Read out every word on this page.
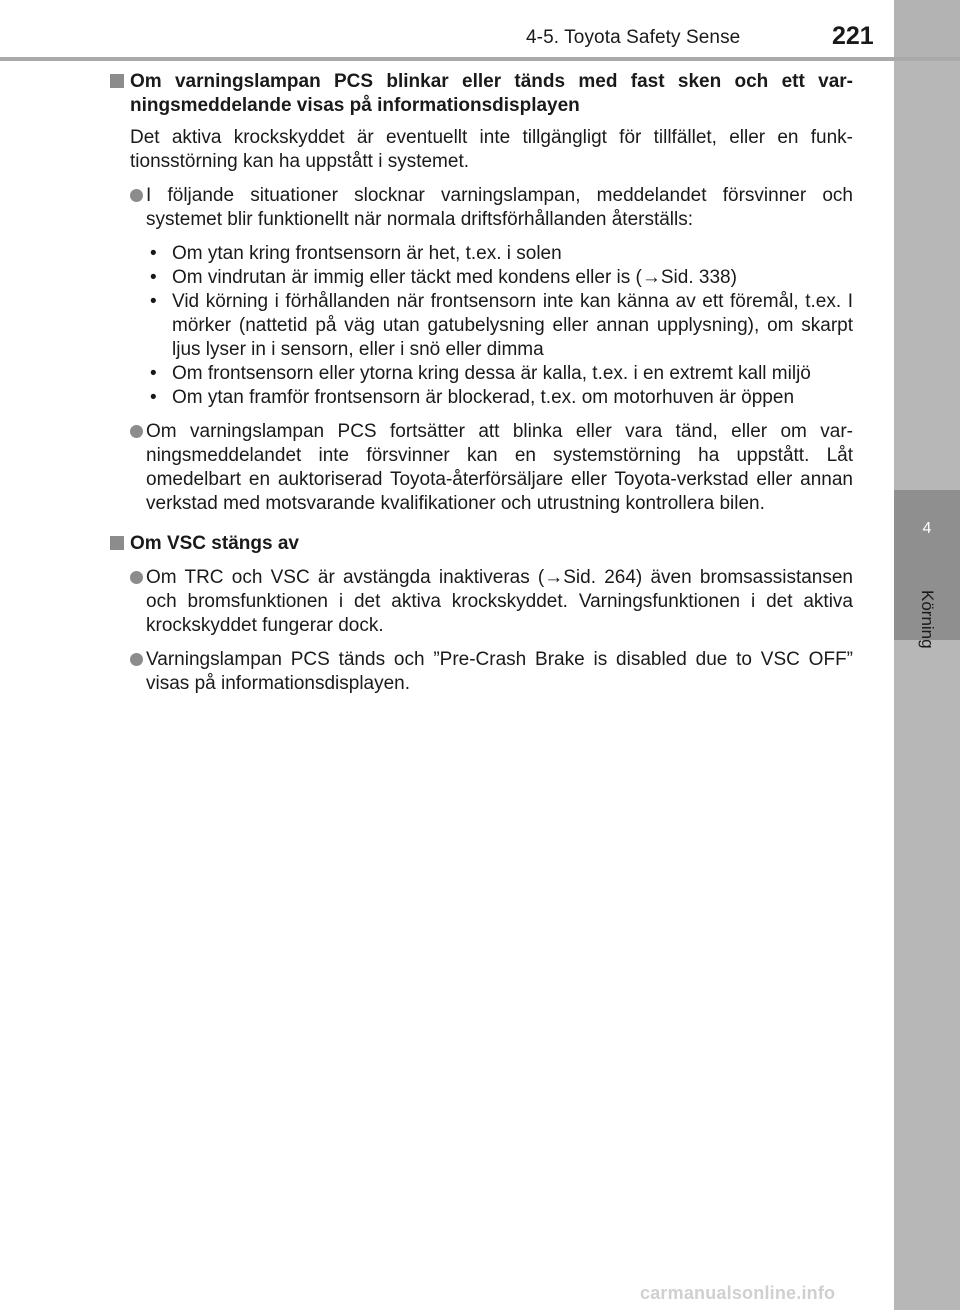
4
Körning
4-5. Toyota Safety Sense	221

Om varningslampan PCS blinkar eller tänds med fast sken och ett varningsmeddelande visas på informationsdisplayen

Det aktiva krockskyddet är eventuellt inte tillgängligt för tillfället, eller en funktionsstörning kan ha uppstått i systemet.

I följande situationer slocknar varningslampan, meddelandet försvinner och systemet blir funktionellt när normala driftsförhållanden återställs:
• Om ytan kring frontsensorn är het, t.ex. i solen
• Om vindrutan är immig eller täckt med kondens eller is (→Sid. 338)
• Vid körning i förhållanden när frontsensorn inte kan känna av ett föremål, t.ex. I mörker (nattetid på väg utan gatubelysning eller annan upplysning), om skarpt ljus lyser in i sensorn, eller i snö eller dimma
• Om frontsensorn eller ytorna kring dessa är kalla, t.ex. i en extremt kall miljö
• Om ytan framför frontsensorn är blockerad, t.ex. om motorhuven är öppen
Om varningslampan PCS fortsätter att blinka eller vara tänd, eller om varningsmeddelandet inte försvinner kan en systemstörning ha uppstått. Låt omedelbart en auktoriserad Toyota-återförsäljare eller Toyota-verkstad eller annan verkstad med motsvarande kvalifikationer och utrustning kontrollera bilen.

Om VSC stängs av

Om TRC och VSC är avstängda inaktiveras (→Sid. 264) även bromsassistansen och bromsfunktionen i det aktiva krockskyddet. Varningsfunktionen i det aktiva krockskyddet fungerar dock.
Varningslampan PCS tänds och ”Pre-Crash Brake is disabled due to VSC OFF” visas på informationsdisplayen.
carmanualsonline.info
